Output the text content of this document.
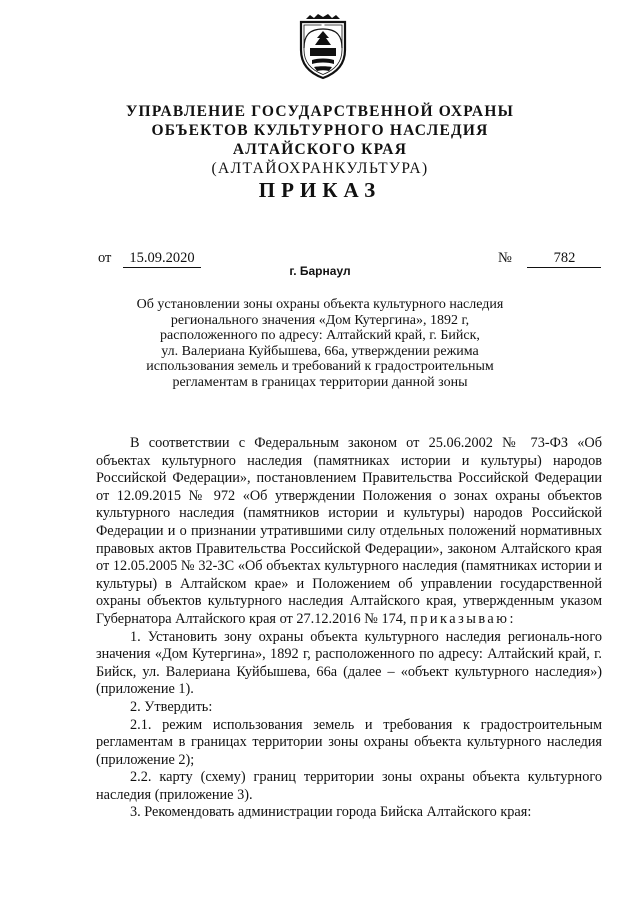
УПРАВЛЕНИЕ ГОСУДАРСТВЕННОЙ ОХРАНЫ
ОБЪЕКТОВ КУЛЬТУРНОГО НАСЛЕДИЯ
АЛТАЙСКОГО КРАЯ
(АЛТАЙОХРАНКУЛЬТУРА)
ПРИКАЗ
от 15.09.2020	№	782
г. Барнаул
Об установлении зоны охраны объекта культурного наследия
регионального значения «Дом Кутергина», 1892 г,
расположенного по адресу: Алтайский край, г. Бийск,
ул. Валериана Куйбышева, 66а, утверждении режима
использования земель и требований к градостроительным
регламентам в границах территории данной зоны

В соответствии с Федеральным законом от 25.06.2002 № 73-ФЗ «Об объектах культурного наследия (памятниках истории и культуры) народов Российской Федерации», постановлением Правительства Российской Федерации от 12.09.2015 № 972 «Об утверждении Положения о зонах охраны объектов культурного наследия (памятников истории и культуры) народов Российской Федерации и о признании утратившими силу отдельных положений нормативных правовых актов Правительства Российской Федерации», законом Алтайского края от 12.05.2005 № 32-ЗС «Об объектах культурного наследия (памятниках истории и культуры) в Алтайском крае» и Положением об управлении государственной охраны объектов культурного наследия Алтайского края, утвержденным указом Губернатора Алтайского края от 27.12.2016 № 174, приказываю:

1. Установить зону охраны объекта культурного наследия региональ-ного значения «Дом Кутергина», 1892 г, расположенного по адресу: Алтайский край, г. Бийск, ул. Валериана Куйбышева, 66а (далее – «объект культурного наследия») (приложение 1).

2. Утвердить:

2.1. режим использования земель и требования к градостроительным регламентам в границах территории зоны охраны объекта культурного наследия (приложение 2);

2.2. карту (схему) границ территории зоны охраны объекта культурного наследия (приложение 3).

3. Рекомендовать администрации города Бийска Алтайского края:
